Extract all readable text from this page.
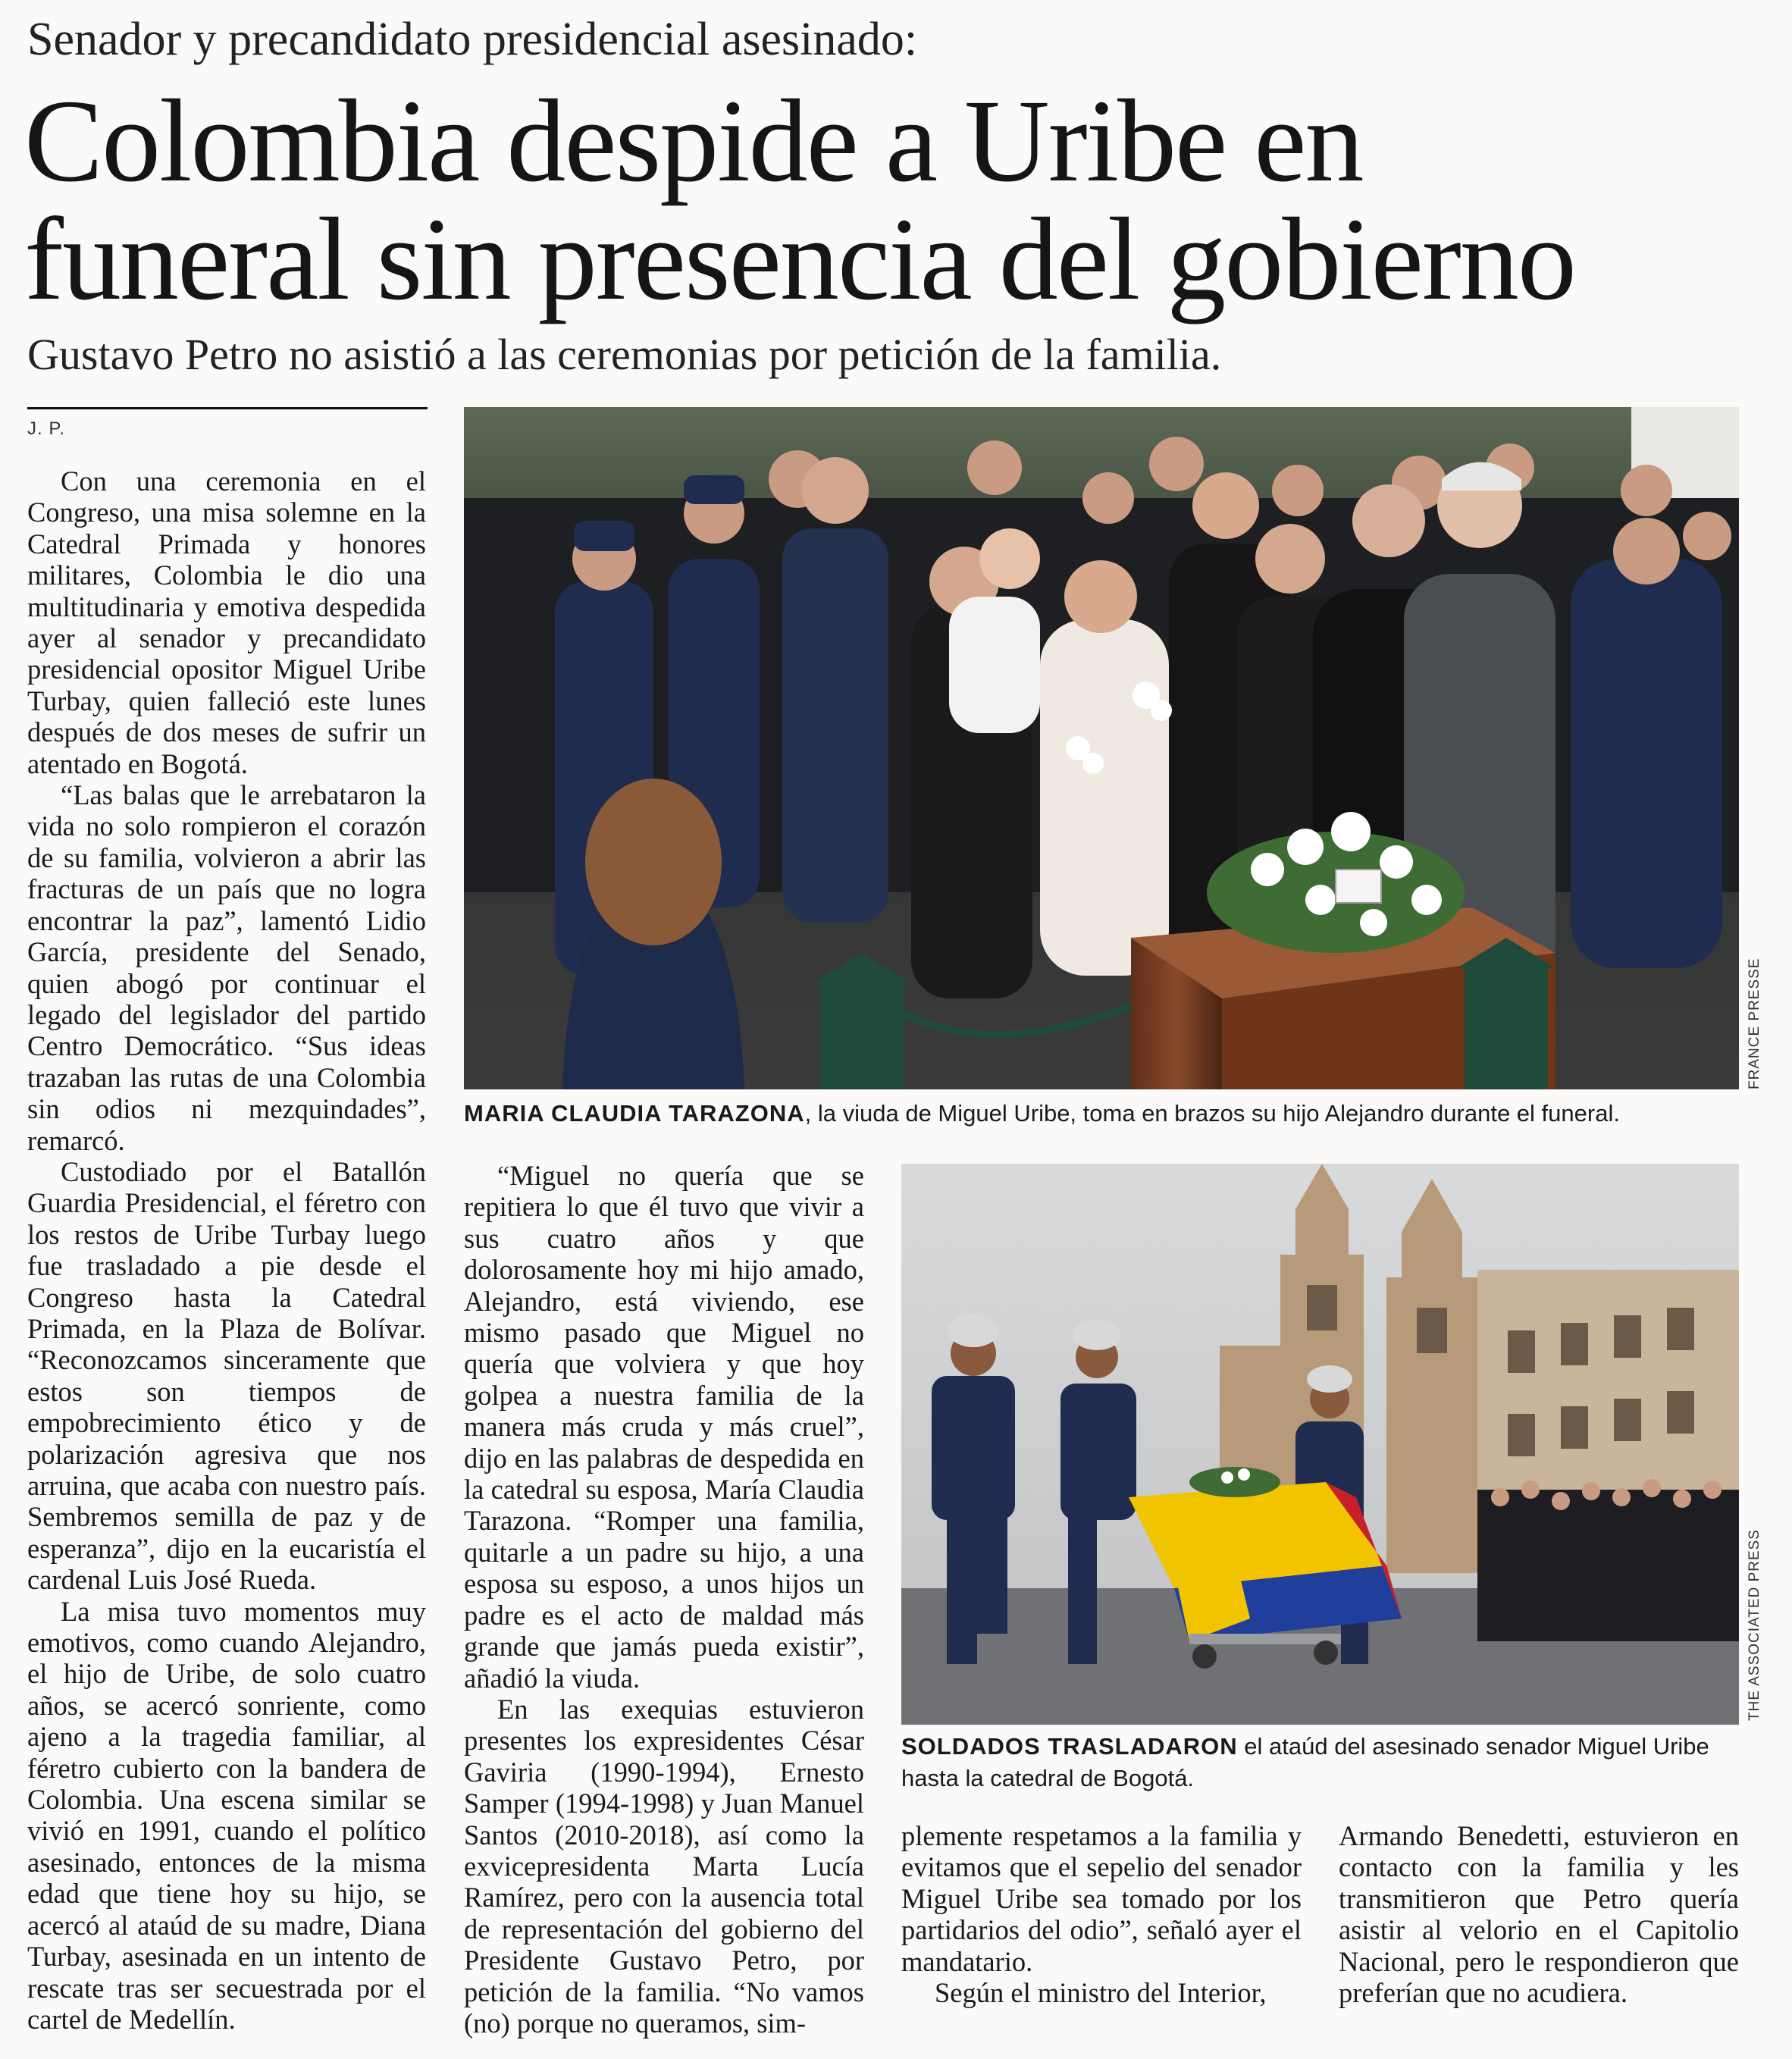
Senador y precandidato presidencial asesinado:
Colombia despide a Uribe en
funeral sin presencia del gobierno
Gustavo Petro no asistió a las ceremonias por petición de la familia.
J. P.

Con una ceremonia en el Congreso, una misa solemne en la Catedral Primada y honores militares, Colombia le dio una multitudinaria y emotiva despedida ayer al senador y precandidato presidencial opositor Miguel Uribe Turbay, quien falleció este lunes después de dos meses de sufrir un atentado en Bogotá.

“Las balas que le arrebataron la vida no solo rompieron el corazón de su familia, volvieron a abrir las fracturas de un país que no logra encontrar la paz”, lamentó Lidio García, presidente del Senado, quien abogó por continuar el legado del legislador del partido Centro Democrático. “Sus ideas trazaban las rutas de una Colombia sin odios ni mezquindades”, remarcó.

Custodiado por el Batallón Guardia Presidencial, el féretro con los restos de Uribe Turbay luego fue trasladado a pie desde el Congreso hasta la Catedral Primada, en la Plaza de Bolívar. “Reconozcamos sinceramente que estos son tiempos de empobrecimiento ético y de polarización agresiva que nos arruina, que acaba con nuestro país. Sembremos semilla de paz y de esperanza”, dijo en la eucaristía el cardenal Luis José Rueda.

La misa tuvo momentos muy emotivos, como cuando Alejandro, el hijo de Uribe, de solo cuatro años, se acercó sonriente, como ajeno a la tragedia familiar, al féretro cubierto con la bandera de Colombia. Una escena similar se vivió en 1991, cuando el político asesinado, entonces de la misma edad que tiene hoy su hijo, se acercó al ataúd de su madre, Diana Turbay, asesinada en un intento de rescate tras ser secuestrada por el cartel de Medellín.

FRANCE PRESSE
MARIA CLAUDIA TARAZONA, la viuda de Miguel Uribe, toma en brazos su hijo Alejandro durante el funeral.

“Miguel no quería que se repitiera lo que él tuvo que vivir a sus cuatro años y que dolorosamente hoy mi hijo amado, Alejandro, está viviendo, ese mismo pasado que Miguel no quería que volviera y que hoy golpea a nuestra familia de la manera más cruda y más cruel”, dijo en las palabras de despedida en la catedral su esposa, María Claudia Tarazona. “Romper una familia, quitarle a un padre su hijo, a una esposa su esposo, a unos hijos un padre es el acto de maldad más grande que jamás pueda existir”, añadió la viuda.

En las exequias estuvieron presentes los expresidentes César Gaviria (1990-1994), Ernesto Samper (1994-1998) y Juan Manuel Santos (2010-2018), así como la exvicepresidenta Marta Lucía Ramírez, pero con la ausencia total de representación del gobierno del Presidente Gustavo Petro, por petición de la familia. “No vamos (no) porque no queramos, sim-

THE ASSOCIATED PRESS
SOLDADOS TRASLADARON el ataúd del asesinado senador Miguel Uribe hasta la catedral de Bogotá.

plemente respetamos a la familia y evitamos que el sepelio del senador Miguel Uribe sea tomado por los partidarios del odio”, señaló ayer el mandatario.

Según el ministro del Interior,

Armando Benedetti, estuvieron en contacto con la familia y les transmitieron que Petro quería asistir al velorio en el Capitolio Nacional, pero le respondieron que preferían que no acudiera.
